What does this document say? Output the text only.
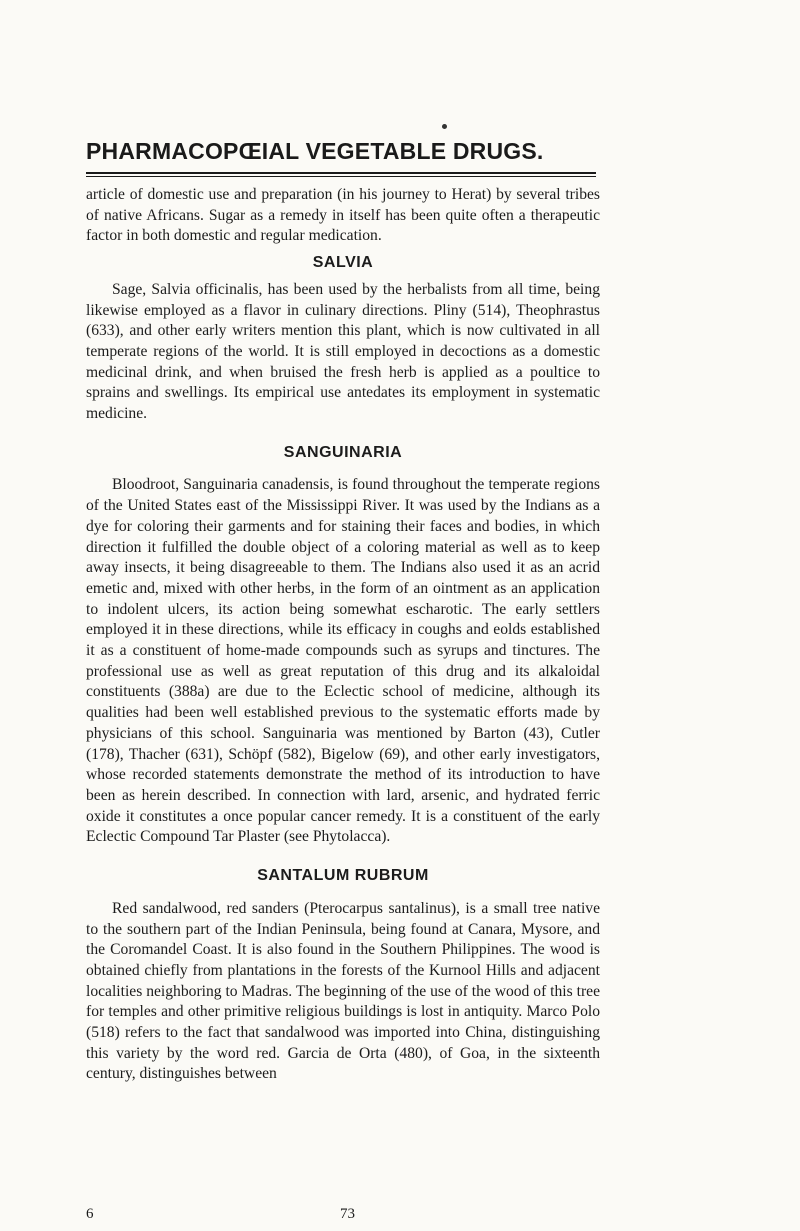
PHARMACOPŒIAL VEGETABLE DRUGS.

article of domestic use and preparation (in his journey to Herat) by several tribes of native Africans. Sugar as a remedy in itself has been quite often a therapeutic factor in both domestic and regular medication.

SALVIA

Sage, Salvia officinalis, has been used by the herbalists from all time, being likewise employed as a flavor in culinary directions. Pliny (514), Theophrastus (633), and other early writers mention this plant, which is now cultivated in all temperate regions of the world. It is still employed in decoctions as a domestic medicinal drink, and when bruised the fresh herb is applied as a poultice to sprains and swellings. Its empirical use antedates its employment in systematic medicine.

SANGUINARIA

Bloodroot, Sanguinaria canadensis, is found throughout the temperate regions of the United States east of the Mississippi River. It was used by the Indians as a dye for coloring their garments and for staining their faces and bodies, in which direction it fulfilled the double object of a coloring material as well as to keep away insects, it being disagreeable to them. The Indians also used it as an acrid emetic and, mixed with other herbs, in the form of an ointment as an application to indolent ulcers, its action being somewhat escharotic. The early settlers employed it in these directions, while its efficacy in coughs and eolds established it as a constituent of home-made compounds such as syrups and tinctures. The professional use as well as great reputation of this drug and its alkaloidal constituents (388a) are due to the Eclectic school of medicine, although its qualities had been well established previous to the systematic efforts made by physicians of this school. Sanguinaria was mentioned by Barton (43), Cutler (178), Thacher (631), Schöpf (582), Bigelow (69), and other early investigators, whose recorded statements demonstrate the method of its introduction to have been as herein described. In connection with lard, arsenic, and hydrated ferric oxide it constitutes a once popular cancer remedy. It is a constituent of the early Eclectic Compound Tar Plaster (see Phytolacca).

SANTALUM RUBRUM

Red sandalwood, red sanders (Pterocarpus santalinus), is a small tree native to the southern part of the Indian Peninsula, being found at Canara, Mysore, and the Coromandel Coast. It is also found in the Southern Philippines. The wood is obtained chiefly from plantations in the forests of the Kurnool Hills and adjacent localities neighboring to Madras. The beginning of the use of the wood of this tree for temples and other primitive religious buildings is lost in antiquity. Marco Polo (518) refers to the fact that sandalwood was imported into China, distinguishing this variety by the word red. Garcia de Orta (480), of Goa, in the sixteenth century, distinguishes between

6	73
